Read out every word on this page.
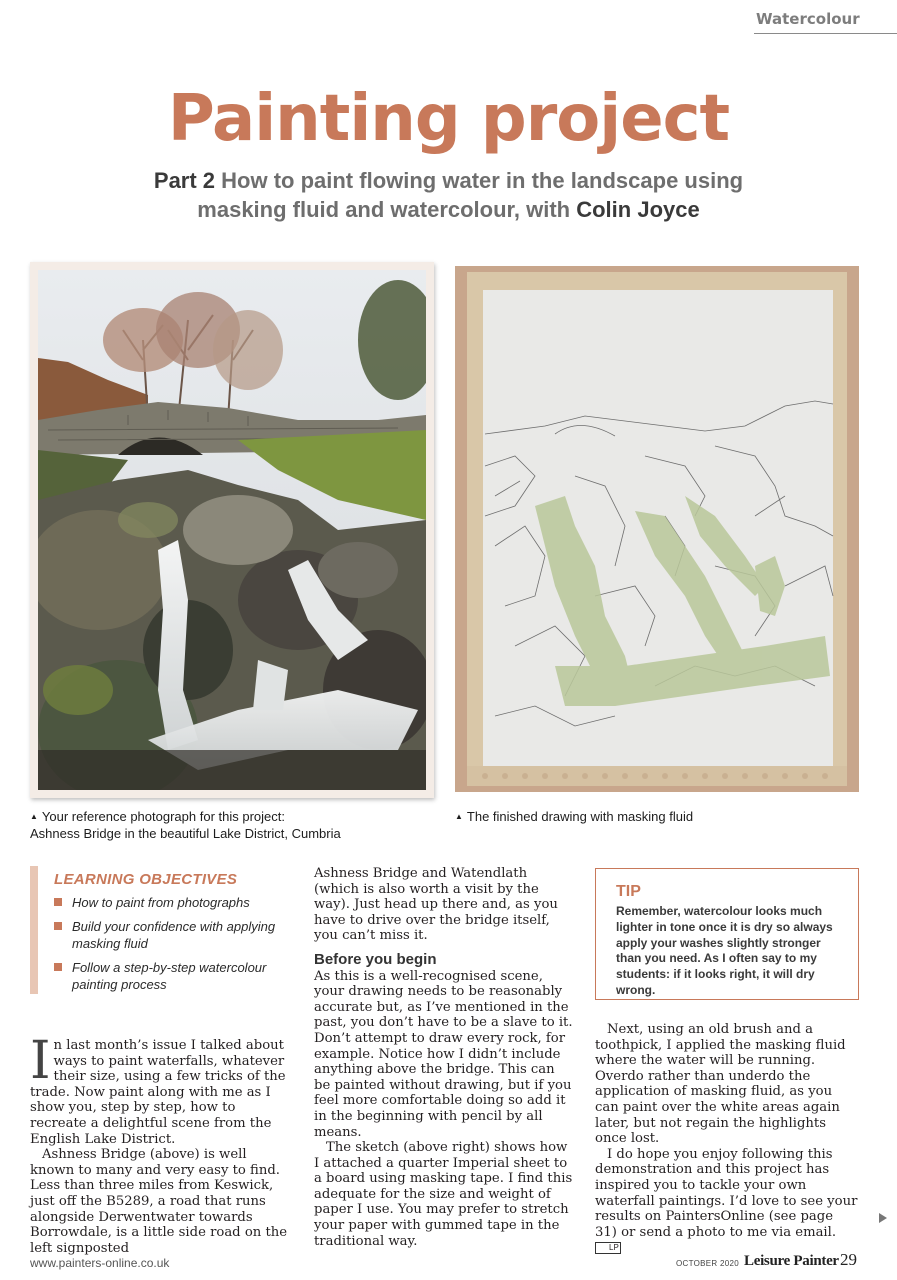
Watercolour
Painting project
Part 2 How to paint flowing water in the landscape using masking fluid and watercolour, with Colin Joyce
▲ Your reference photograph for this project:
Ashness Bridge in the beautiful Lake District, Cumbria
▲ The finished drawing with masking fluid
LEARNING OBJECTIVES
How to paint from photographs
Build your confidence with applying masking fluid
Follow a step-by-step watercolour painting process

In last month’s issue I talked about ways to paint waterfalls, whatever their size, using a few tricks of the trade. Now paint along with me as I show you, step by step, how to recreate a delightful scene from the English Lake District.

Ashness Bridge (above) is well known to many and very easy to find. Less than three miles from Keswick, just off the B5289, a road that runs alongside Derwentwater towards Borrowdale, is a little side road on the left signposted

Ashness Bridge and Watendlath (which is also worth a visit by the way). Just head up there and, as you have to drive over the bridge itself, you can’t miss it.

Before you begin

As this is a well-recognised scene, your drawing needs to be reasonably accurate but, as I’ve mentioned in the past, you don’t have to be a slave to it. Don’t attempt to draw every rock, for example. Notice how I didn’t include anything above the bridge. This can be painted without drawing, but if you feel more comfortable doing so add it in the beginning with pencil by all means.

The sketch (above right) shows how I attached a quarter Imperial sheet to a board using masking tape. I find this adequate for the size and weight of paper I use. You may prefer to stretch your paper with gummed tape in the traditional way.

TIP
Remember, watercolour looks much lighter in tone once it is dry so always apply your washes slightly stronger than you need. As I often say to my students: if it looks right, it will dry wrong.

Next, using an old brush and a toothpick, I applied the masking fluid where the water will be running. Overdo rather than underdo the application of masking fluid, as you can paint over the white areas again later, but not regain the highlights once lost.

I do hope you enjoy following this demonstration and this project has inspired you to tackle your own waterfall paintings. I’d love to see your results on PaintersOnline (see page 31) or send a photo to me via email. LP

www.painters-online.co.uk	OCTOBER 2020 Leisure Painter 29
